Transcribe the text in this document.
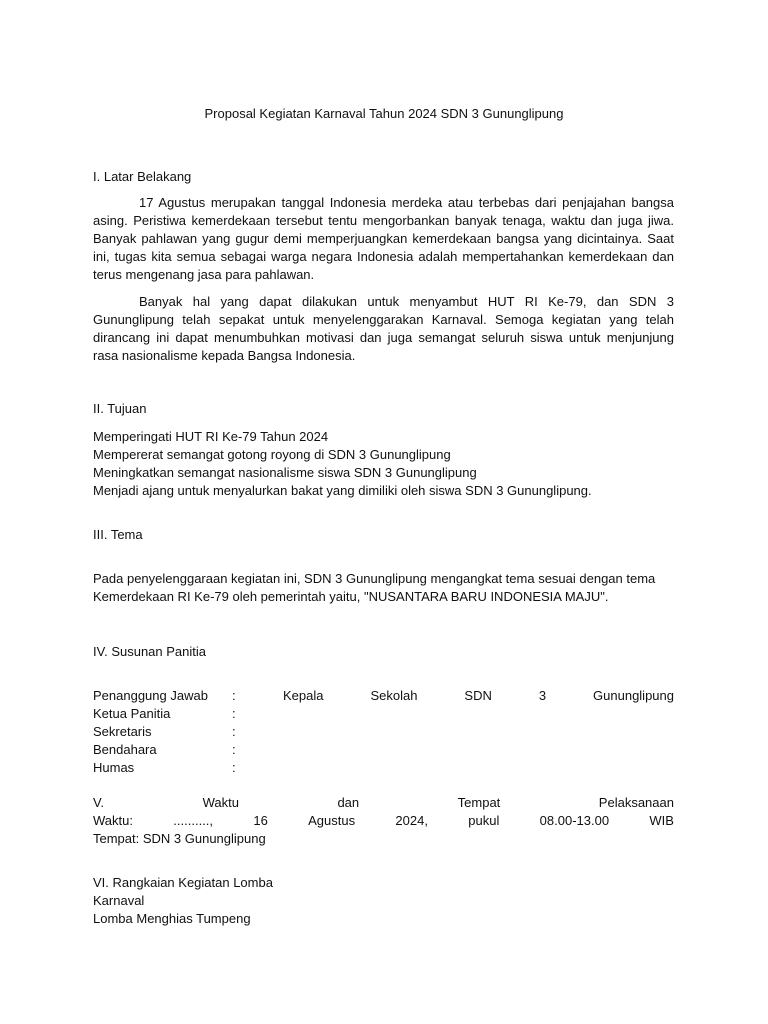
Proposal Kegiatan Karnaval Tahun 2024 SDN 3 Gununglipung
I. Latar Belakang

17 Agustus merupakan tanggal Indonesia merdeka atau terbebas dari penjajahan bangsa asing. Peristiwa kemerdekaan tersebut tentu mengorbankan banyak tenaga, waktu dan juga jiwa. Banyak pahlawan yang gugur demi memperjuangkan kemerdekaan bangsa yang dicintainya. Saat ini, tugas kita semua sebagai warga negara Indonesia adalah mempertahankan kemerdekaan dan terus mengenang jasa para pahlawan.

Banyak hal yang dapat dilakukan untuk menyambut HUT RI Ke-79, dan SDN 3 Gununglipung telah sepakat untuk menyelenggarakan Karnaval. Semoga kegiatan yang telah dirancang ini dapat menumbuhkan motivasi dan juga semangat seluruh siswa untuk menjunjung rasa nasionalisme kepada Bangsa Indonesia.

II. Tujuan
Memperingati HUT RI Ke-79 Tahun 2024
Mempererat semangat gotong royong di SDN 3 Gununglipung
Meningkatkan semangat nasionalisme siswa SDN 3 Gununglipung
Menjadi ajang untuk menyalurkan bakat yang dimiliki oleh siswa SDN 3 Gununglipung.
III. Tema
Pada penyelenggaraan kegiatan ini, SDN 3 Gununglipung mengangkat tema sesuai dengan tema Kemerdekaan RI Ke-79 oleh pemerintah yaitu, "NUSANTARA BARU INDONESIA MAJU".
IV. Susunan Panitia
Penanggung Jawab	:	Kepala	Sekolah	SDN	3	Gununglipung
Ketua Panitia	:
Sekretaris	:
Bendahara	:
Humas	:
V.	Waktu	dan	Tempat	Pelaksanaan
Waktu:	..........,	16	Agustus	2024,	pukul	08.00-13.00	WIB
Tempat: SDN 3 Gununglipung
VI. Rangkaian Kegiatan Lomba
Karnaval
Lomba Menghias Tumpeng
